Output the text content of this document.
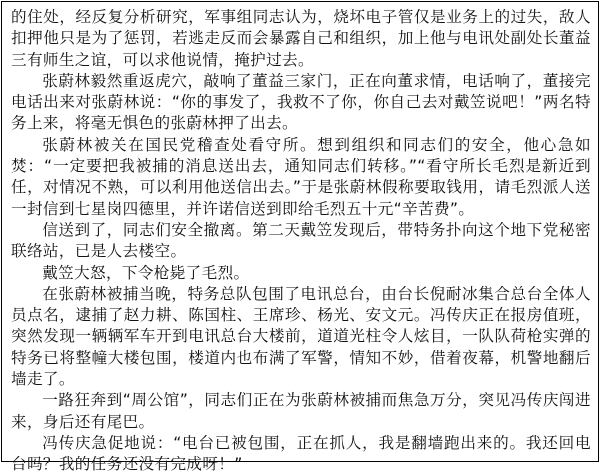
的住处，经反复分析研究，军事组同志认为，烧坏电子管仅是业务上的过失，敌人扣押他只是为了惩罚，若逃走反而会暴露自己和组织，加上他与电讯处副处长董益三有师生之谊，可以求他说情，掩护过去。

张蔚林毅然重返虎穴，敲响了董益三家门，正在向董求情，电话响了，董接完电话出来对张蔚林说：“你的事发了，我救不了你，你自己去对戴笠说吧！”两名特务上来，将毫无惧色的张蔚林押了出去。

张蔚林被关在国民党稽查处看守所。想到组织和同志们的安全，他心急如焚：“一定要把我被捕的消息送出去，通知同志们转移。”“看守所长毛烈是新近到任，对情况不熟，可以利用他送信出去。”于是张蔚林假称要取钱用，请毛烈派人送一封信到七星岗四德里，并许诺信送到即给毛烈五十元“辛苦费”。

信送到了，同志们安全撤离。第二天戴笠发现后，带特务扑向这个地下党秘密联络站，已是人去楼空。

戴笠大怒，下令枪毙了毛烈。

在张蔚林被捕当晚，特务总队包围了电讯总台，由台长倪耐冰集合总台全体人员点名，逮捕了赵力耕、陈国柱、王席珍、杨光、安文元。冯传庆正在报房值班，突然发现一辆辆军车开到电讯总台大楼前，道道光柱令人炫目，一队队荷枪实弹的特务已将整幢大楼包围，楼道内也布满了军警，情知不妙，借着夜幕，机警地翻后墙走了。

一路狂奔到“周公馆”，同志们正在为张蔚林被捕而焦急万分，突见冯传庆闯进来，身后还有尾巴。

冯传庆急促地说：“电台已被包围，正在抓人，我是翻墙跑出来的。我还回电台吗？我的任务还没有完成呀！”
